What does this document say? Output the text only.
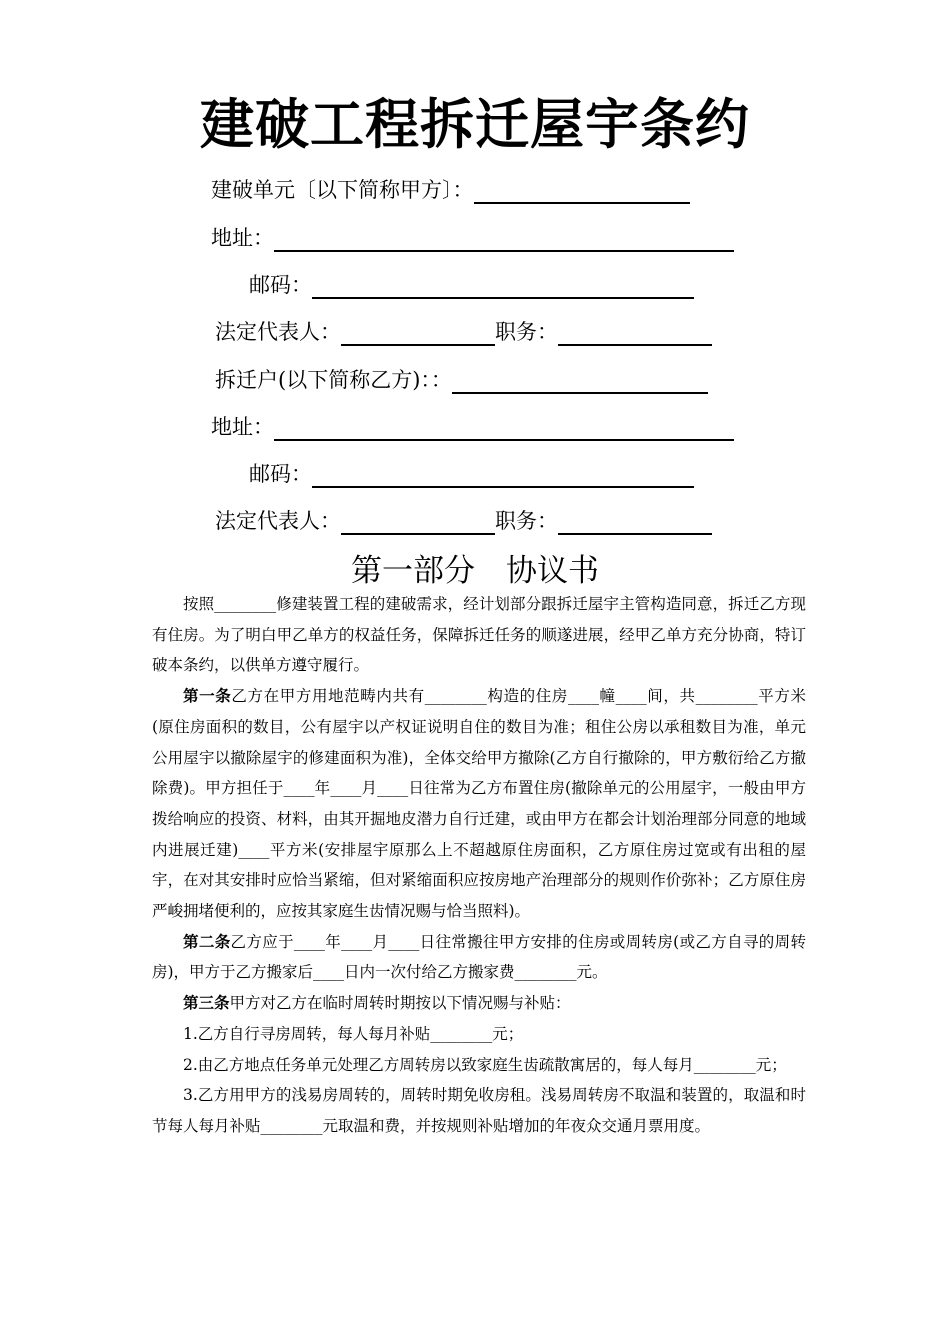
建破工程拆迁屋宇条约
建破单元〔以下简称甲方〕：
地址：
邮码：
法定代表人：	职务：
拆迁户(以下简称乙方)：：
地址：
邮码：
法定代表人：	职务：
第一部分　协议书

按照________修建装置工程的建破需求，经计划部分跟拆迁屋宇主管构造同意，拆迁乙方现有住房。为了明白甲乙单方的权益任务，保障拆迁任务的顺遂进展，经甲乙单方充分协商，特订破本条约，以供单方遵守履行。

第一条乙方在甲方用地范畴内共有________构造的住房____幢____间，共________平方米(原住房面积的数目，公有屋宇以产权证说明自住的数目为准；租住公房以承租数目为准，单元公用屋宇以撤除屋宇的修建面积为准)，全体交给甲方撤除(乙方自行撤除的，甲方敷衍给乙方撤除费)。甲方担任于____年____月____日往常为乙方布置住房(撤除单元的公用屋宇，一般由甲方拨给响应的投资、材料，由其开掘地皮潜力自行迁建，或由甲方在都会计划治理部分同意的地域内进展迁建)____平方米(安排屋宇原那么上不超越原住房面积，乙方原住房过宽或有出租的屋宇，在对其安排时应恰当紧缩，但对紧缩面积应按房地产治理部分的规则作价弥补；乙方原住房严峻拥堵便利的，应按其家庭生齿情况赐与恰当照料)。

第二条乙方应于____年____月____日往常搬往甲方安排的住房或周转房(或乙方自寻的周转房)，甲方于乙方搬家后____日内一次付给乙方搬家费________元。

第三条甲方对乙方在临时周转时期按以下情况赐与补贴：

1.乙方自行寻房周转，每人每月补贴________元；

2.由乙方地点任务单元处理乙方周转房以致家庭生齿疏散寓居的，每人每月________元；

3.乙方用甲方的浅易房周转的，周转时期免收房租。浅易周转房不取温和装置的，取温和时节每人每月补贴________元取温和费，并按规则补贴增加的年夜众交通月票用度。
